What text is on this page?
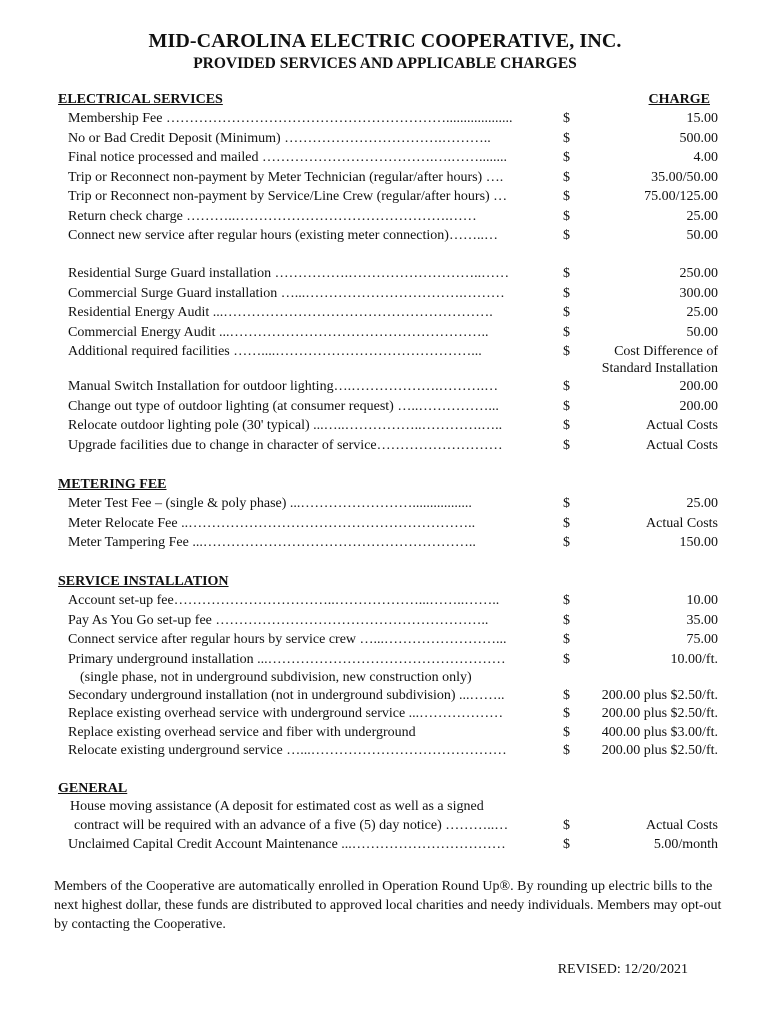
MID-CAROLINA ELECTRIC COOPERATIVE, INC.
PROVIDED SERVICES AND APPLICABLE CHARGES
ELECTRICAL SERVICES	CHARGE
Membership Fee ……………………………………………………...................	$	15.00
No or Bad Credit Deposit (Minimum) …………………………….………..	$	500.00
Final notice processed and mailed ……………………………….….……........	$	4.00
Trip or Reconnect non-payment by Meter Technician (regular/after hours) ….	$	35.00/50.00
Trip or Reconnect non-payment by Service/Line Crew (regular/after hours) …	$	75.00/125.00
Return check charge ………..……………………………………….……	$	25.00
Connect new service after regular hours (existing meter connection)……..…	$	50.00
Residential Surge Guard installation …………….………………………..……	$	250.00
Commercial Surge Guard installation …...…………………………….………	$	300.00
Residential Energy Audit ...………………………………………………….	$	25.00
Commercial Energy Audit ...………………………………………………..	$	50.00
Additional required facilities ……....……………………………………...	$	Cost Difference of
Standard Installation
Manual Switch Installation for outdoor lighting….……………….……….…	$	200.00
Change out type of outdoor lighting (at consumer request) …..……………...	$	200.00
Relocate outdoor lighting pole (30' typical) ...…..……………..………….…..	$	Actual Costs
Upgrade facilities due to change in character of service………………………	$	Actual Costs
METERING FEE
Meter Test Fee – (single & poly phase) ...…………………….................	$	25.00
Meter Relocate Fee ..……………………………………………………..	$	Actual Costs
Meter Tampering Fee ...…………………………………………………..	$	150.00
SERVICE INSTALLATION
Account set-up fee……………………………..………………...……..……..	$	10.00
Pay As You Go set-up fee …………………………………………………..	$	35.00
Connect service after regular hours by service crew …...……………………...	$	75.00
Primary underground installation ...……………………………………………	$	10.00/ft.
(single phase, not in underground subdivision, new construction only)
Secondary underground installation (not in underground subdivision) ...……..	$ 200.00 plus $2.50/ft.
Replace existing overhead service with underground service ...………………	$ 200.00 plus $2.50/ft.
Replace existing overhead service and fiber with underground	$ 400.00 plus $3.00/ft.
Relocate existing underground service …...……………………………………	$ 200.00 plus $2.50/ft.
GENERAL
House moving assistance (A deposit for estimated cost as well as a signed
contract will be required with an advance of a five (5) day notice) ………..…	$	Actual Costs
Unclaimed Capital Credit Account Maintenance ...……………………………	$	5.00/month
Members of the Cooperative are automatically enrolled in Operation Round Up®. By rounding up electric bills to the next highest dollar, these funds are distributed to approved local charities and needy individuals. Members may opt-out by contacting the Cooperative.
REVISED: 12/20/2021
